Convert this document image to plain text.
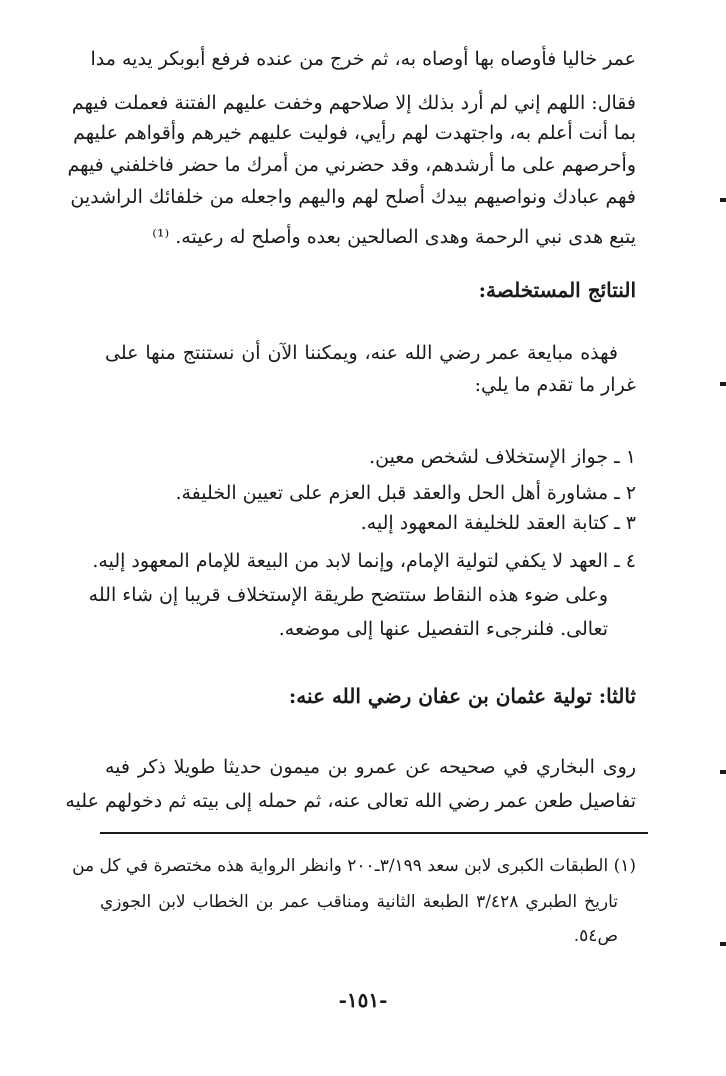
عمر خاليا فأوصاه بها أوصاه به، ثم خرج من عنده فرفع أبوبكر يديه مدا
فقال: اللهم إني لم أرد بذلك إلا صلاحهم وخفت عليهم الفتنة فعملت فيهم
بما أنت أعلم به، واجتهدت لهم رأيي، فوليت عليهم خيرهم وأقواهم عليهم
وأحرصهم على ما أرشدهم، وقد حضرني من أمرك ما حضر فاخلفني فيهم
فهم عبادك ونواصيهم بيدك أصلح لهم واليهم واجعله من خلفائك الراشدين
يتبع هدى نبي الرحمة وهدى الصالحين بعده وأصلح له رعيته. ⁽¹⁾
النتائج المستخلصة:
فهذه مبايعة عمر رضي الله عنه، ويمكننا الآن أن نستنتج منها على
غرار ما تقدم ما يلي:
١ ـ جواز الإستخلاف لشخص معين.
٢ ـ مشاورة أهل الحل والعقد قبل العزم على تعيين الخليفة.
٣ ـ كتابة العقد للخليفة المعهود إليه.
٤ ـ العهد لا يكفي لتولية الإمام، وإنما لابد من البيعة للإمام المعهود إليه.
وعلى ضوء هذه النقاط ستتضح طريقة الإستخلاف قريبا إن شاء الله
تعالى. فلنرجىء التفصيل عنها إلى موضعه.
ثالثا: تولية عثمان بن عفان رضي الله عنه:
روى البخاري في صحيحه عن عمرو بن ميمون حديثا طويلا ذكر فيه
تفاصيل طعن عمر رضي الله تعالى عنه، ثم حمله إلى بيته ثم دخولهم عليه
(١) الطبقات الكبرى لابن سعد ٣/١٩٩ـ٢٠٠ وانظر الرواية هذه مختصرة في كل من
تاريخ الطبري ٣/٤٢٨ الطبعة الثانية ومناقب عمر بن الخطاب لابن الجوزي
ص٥٤.
-١٥١-
